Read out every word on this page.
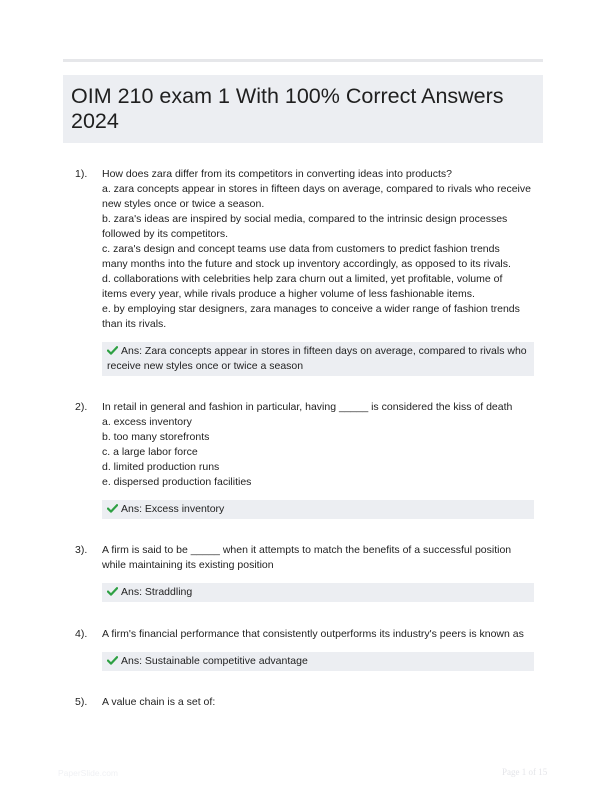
OIM 210 exam 1 With 100% Correct Answers
2024
1). How does zara differ from its competitors in converting ideas into products?
a. zara concepts appear in stores in fifteen days on average, compared to rivals who receive
new styles once or twice a season.
b. zara's ideas are inspired by social media, compared to the intrinsic design processes
followed by its competitors.
c. zara's design and concept teams use data from customers to predict fashion trends
many months into the future and stock up inventory accordingly, as opposed to its rivals.
d. collaborations with celebrities help zara churn out a limited, yet profitable, volume of
items every year, while rivals produce a higher volume of less fashionable items.
e. by employing star designers, zara manages to conceive a wider range of fashion trends
than its rivals.
Ans: Zara concepts appear in stores in fifteen days on average, compared to rivals who
receive new styles once or twice a season
2). In retail in general and fashion in particular, having _____ is considered the kiss of death
a. excess inventory
b. too many storefronts
c. a large labor force
d. limited production runs
e. dispersed production facilities
Ans: Excess inventory
3). A firm is said to be _____ when it attempts to match the benefits of a successful position
while maintaining its existing position
Ans: Straddling
4). A firm's financial performance that consistently outperforms its industry's peers is known as
Ans: Sustainable competitive advantage
5). A value chain is a set of:
PaperSlide.com	Page 1 of 15
